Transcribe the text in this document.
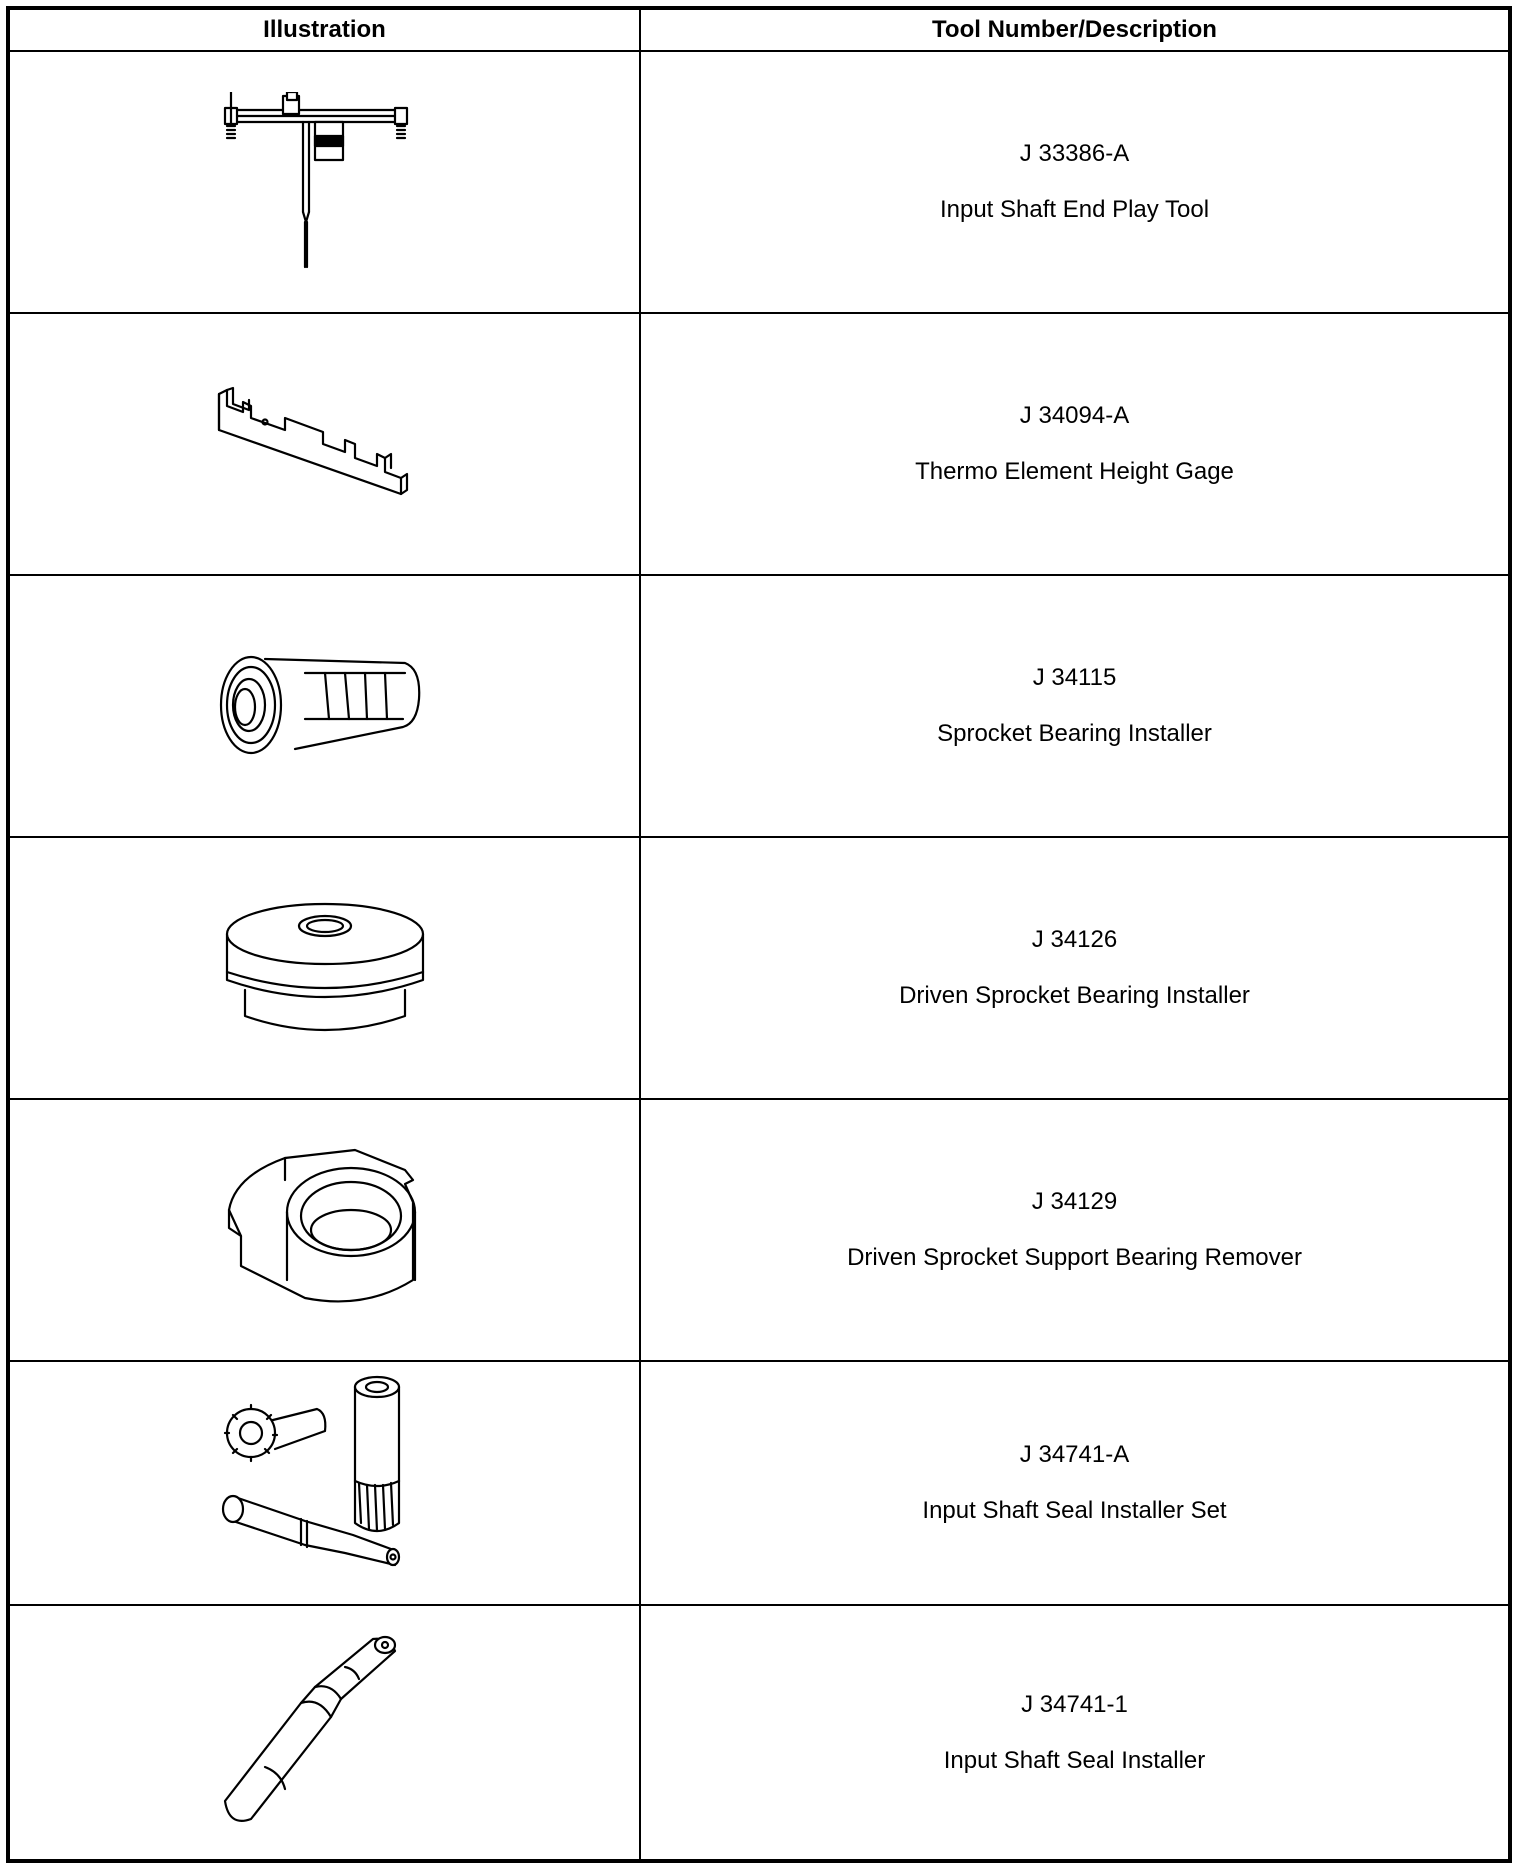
Illustration	Tool Number/Description

J 33386-A
Input Shaft End Play Tool

J 34094-A
Thermo Element Height Gage

J 34115
Sprocket Bearing Installer

J 34126
Driven Sprocket Bearing Installer

J 34129
Driven Sprocket Support Bearing Remover

J 34741-A
Input Shaft Seal Installer Set

J 34741-1
Input Shaft Seal Installer
